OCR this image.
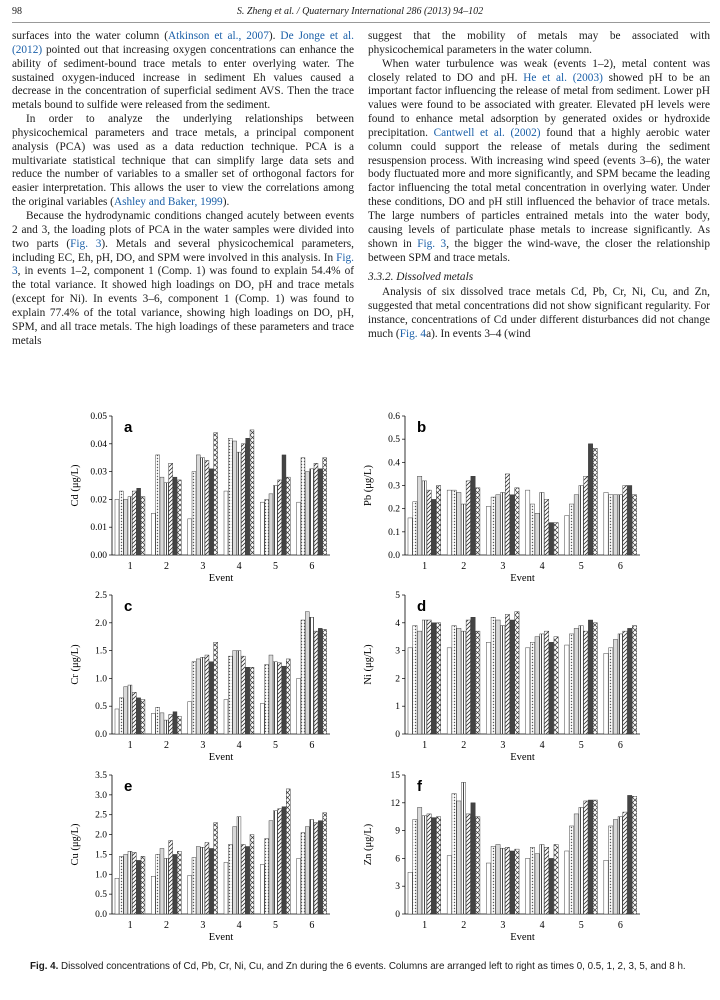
98	S. Zheng et al. / Quaternary International 286 (2013) 94–102

surfaces into the water column (Atkinson et al., 2007). De Jonge et al. (2012) pointed out that increasing oxygen concentrations can enhance the ability of sediment-bound trace metals to enter overlying water. The sustained oxygen-induced increase in sediment Eh values caused a decrease in the concentration of superficial sediment AVS. Then the trace metals bound to sulfide were released from the sediment.

In order to analyze the underlying relationships between physicochemical parameters and trace metals, a principal component analysis (PCA) was used as a data reduction technique. PCA is a multivariate statistical technique that can simplify large data sets and reduce the number of variables to a smaller set of orthogonal factors for easier interpretation. This allows the user to view the correlations among the original variables (Ashley and Baker, 1999).

Because the hydrodynamic conditions changed acutely between events 2 and 3, the loading plots of PCA in the water samples were divided into two parts (Fig. 3). Metals and several physicochemical parameters, including EC, Eh, pH, DO, and SPM were involved in this analysis. In Fig. 3, in events 1–2, component 1 (Comp. 1) was found to explain 54.4% of the total variance. It showed high loadings on DO, pH and trace metals (except for Ni). In events 3–6, component 1 (Comp. 1) was found to explain 77.4% of the total variance, showing high loadings on DO, pH, SPM, and all trace metals. The high loadings of these parameters and trace metals

suggest that the mobility of metals may be associated with physicochemical parameters in the water column.

When water turbulence was weak (events 1–2), metal content was closely related to DO and pH. He et al. (2003) showed pH to be an important factor influencing the release of metal from sediment. Lower pH values were found to be associated with greater. Elevated pH levels were found to enhance metal adsorption by generated oxides or hydroxide precipitation. Cantwell et al. (2002) found that a highly aerobic water column could support the release of metals during the sediment resuspension process. With increasing wind speed (events 3–6), the water body fluctuated more and more significantly, and SPM became the leading factor influencing the total metal concentration in overlying water. Under these conditions, DO and pH still influenced the behavior of trace metals. The large numbers of particles entrained metals into the water body, causing levels of particulate phase metals to increase significantly. As shown in Fig. 3, the bigger the wind-wave, the closer the relationship between SPM and trace metals.

3.3.2. Dissolved metals

Analysis of six dissolved trace metals Cd, Pb, Cr, Ni, Cu, and Zn, suggested that metal concentrations did not show significant regularity. For instance, concentrations of Cd under different disturbances did not change much (Fig. 4a). In events 3–4 (wind

0.00
0.01
0.02
0.03
0.04
0.05
1	2	3	4	5	6
Event
Cd (μg/L)
a
0.0
0.1
0.2
0.3
0.4
0.5
0.6
1	2	3	4	5	6
Event
Pb (μg/L)
b
0.0
0.5
1.0
1.5
2.0
2.5
1	2	3	4	5	6
Event
Cr (μg/L)
c
0
1
2
3
4
5
1	2	3	4	5	6
Event
Ni (μg/L)
d
0.0
0.5
1.0
1.5
2.0
2.5
3.0
3.5
1	2	3	4	5	6
Event
Cu (μg/L)
e
0
3
6
9
12
15
1	2	3	4	5	6
Event
Zn (μg/L)
f
Fig. 4. Dissolved concentrations of Cd, Pb, Cr, Ni, Cu, and Zn during the 6 events. Columns are arranged left to right as times 0, 0.5, 1, 2, 3, 5, and 8 h.
